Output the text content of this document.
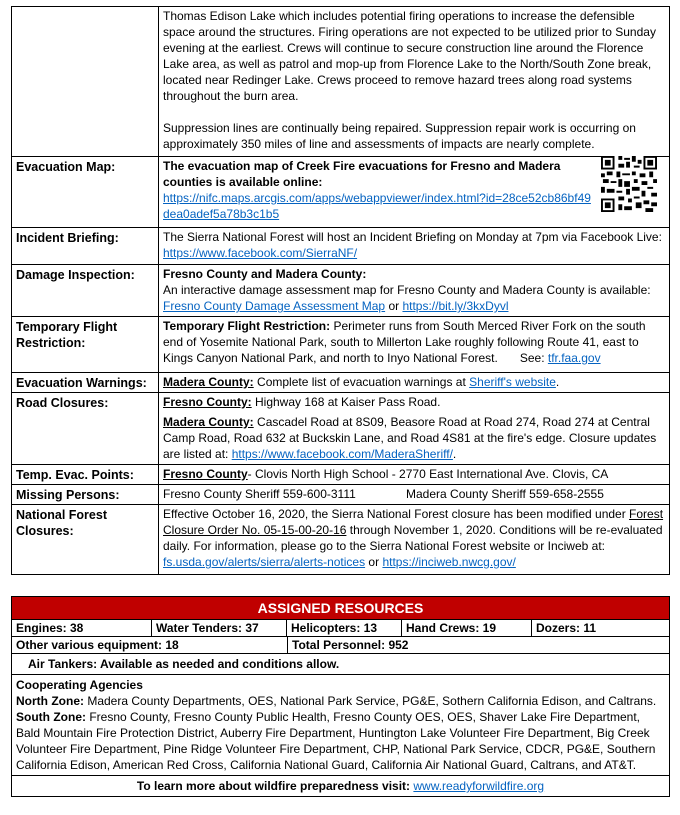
	Thomas Edison Lake which includes potential firing operations to increase the defensible space around the structures. Firing operations are not expected to be utilized prior to Sunday evening at the earliest. Crews will continue to secure construction line around the Florence Lake area, as well as patrol and mop-up from Florence Lake to the North/South Zone break, located near Redinger Lake. Crews proceed to remove hazard trees along road systems throughout the burn area.

Suppression lines are continually being repaired. Suppression repair work is occurring on approximately 350 miles of line and assessments of impacts are nearly complete.

Evacuation Map:	The evacuation map of Creek Fire evacuations for Fresno and Madera counties is available online:
https://nifc.maps.arcgis.com/apps/webappviewer/index.html?id=28ce52cb86bf49dea0adef5a78b3c1b5

Incident Briefing:	The Sierra National Forest will host an Incident Briefing on Monday at 7pm via Facebook Live: https://www.facebook.com/SierraNF/
Damage Inspection:	Fresno County and Madera County:
An interactive damage assessment map for Fresno County and Madera County is available: Fresno County Damage Assessment Map or https://bit.ly/3kxDyvl
Temporary Flight Restriction:	Temporary Flight Restriction: Perimeter runs from South Merced River Fork on the south end of Yosemite National Park, south to Millerton Lake roughly following Route 41, east to Kings Canyon National Park, and north to Inyo National Forest. See: tfr.faa.gov
Evacuation Warnings:	Madera County: Complete list of evacuation warnings at Sheriff's website.
Road Closures:	Fresno County: Highway 168 at Kaiser Pass Road.
Madera County: Cascadel Road at 8S09, Beasore Road at Road 274, Road 274 at Central Camp Road, Road 632 at Buckskin Lane, and Road 4S81 at the fire's edge. Closure updates are listed at: https://www.facebook.com/MaderaSheriff/.

Temp. Evac. Points:	Fresno County- Clovis North High School - 2770 East International Ave. Clovis, CA
Missing Persons:	Fresno County Sheriff 559-600-3111 Madera County Sheriff 559-658-2555
National Forest Closures:	Effective October 16, 2020, the Sierra National Forest closure has been modified under Forest Closure Order No. 05-15-00-20-16 through November 1, 2020. Conditions will be re-evaluated daily. For information, please go to the Sierra National Forest website or Inciweb at: fs.usda.gov/alerts/sierra/alerts-notices or https://inciweb.nwcg.gov/
ASSIGNED RESOURCES
Engines: 38	Water Tenders: 37	Helicopters: 13	Hand Crews: 19	Dozers: 11
Other various equipment: 18	Total Personnel: 952
Air Tankers: Available as needed and conditions allow.
Cooperating Agencies
North Zone: Madera County Departments, OES, National Park Service, PG&E, Sothern California Edison, and Caltrans.
South Zone: Fresno County, Fresno County Public Health, Fresno County OES, OES, Shaver Lake Fire Department, Bald Mountain Fire Protection District, Auberry Fire Department, Huntington Lake Volunteer Fire Department, Big Creek Volunteer Fire Department, Pine Ridge Volunteer Fire Department, CHP, National Park Service, CDCR, PG&E, Southern California Edison, American Red Cross, California National Guard, California Air National Guard, Caltrans, and AT&T.
To learn more about wildfire preparedness visit: www.readyforwildfire.org
